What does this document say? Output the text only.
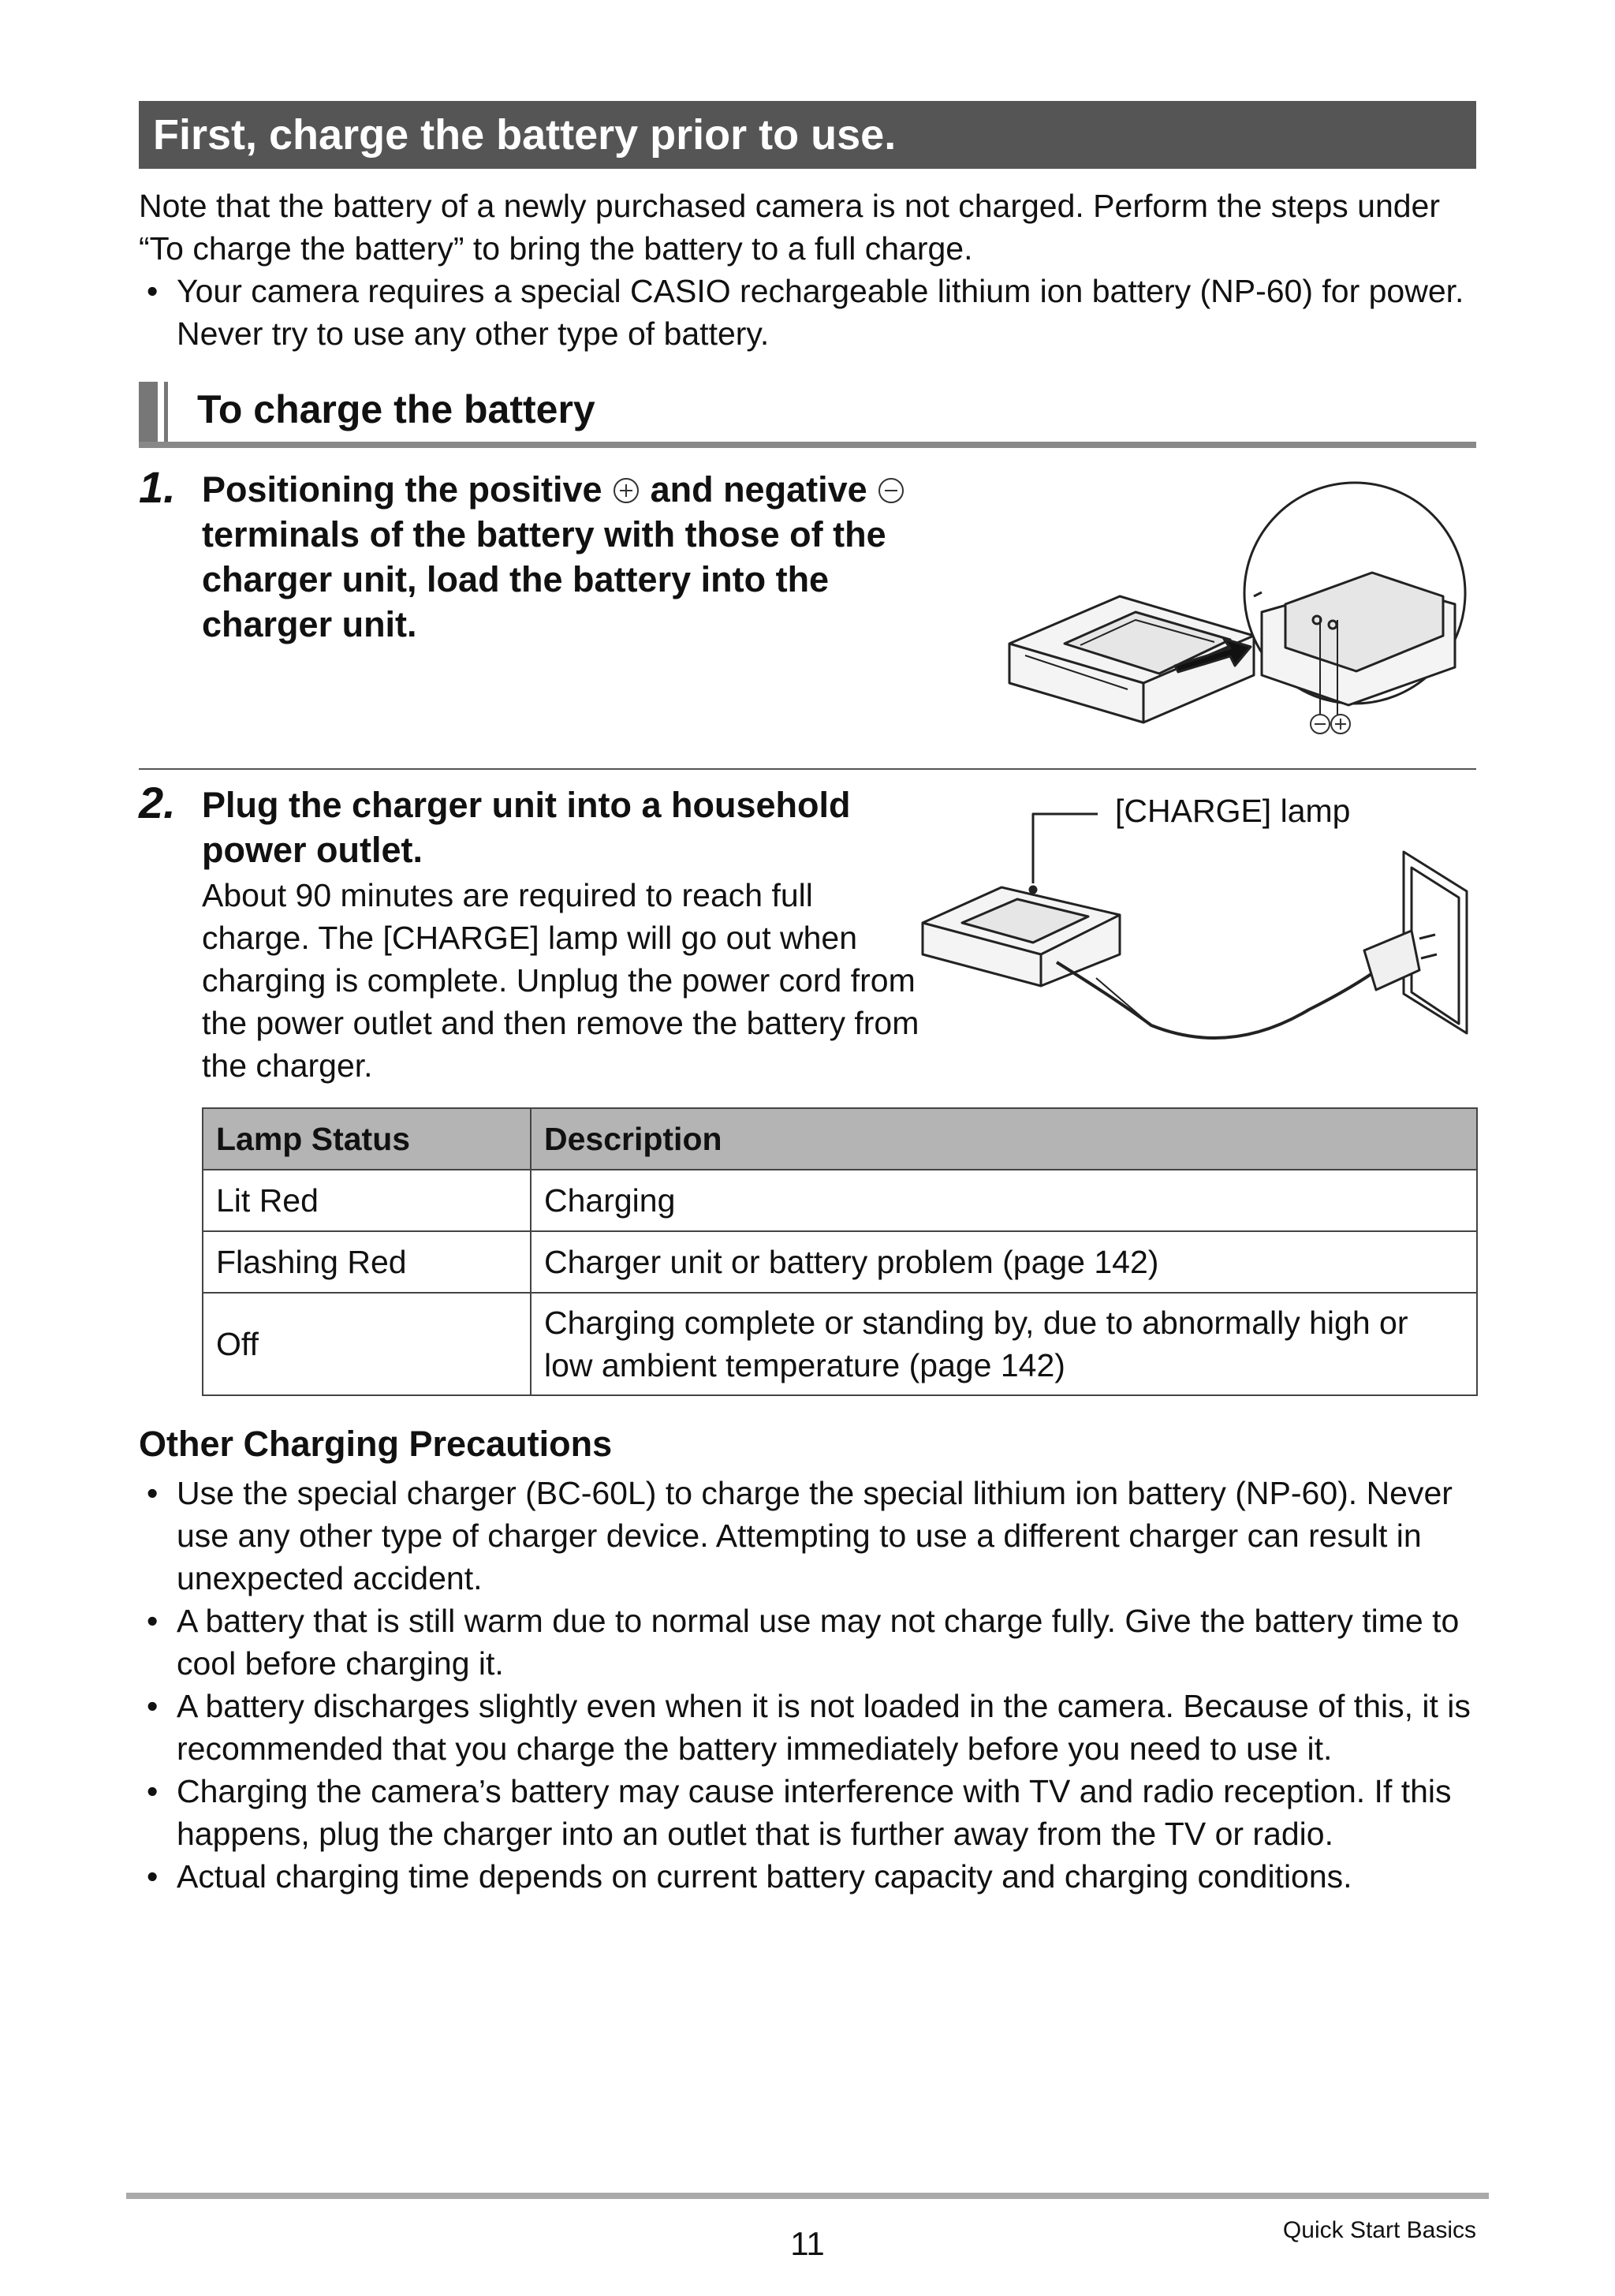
First, charge the battery prior to use.
Note that the battery of a newly purchased camera is not charged. Perform the steps under “To charge the battery” to bring the battery to a full charge.
• Your camera requires a special CASIO rechargeable lithium ion battery (NP-60) for power. Never try to use any other type of battery.
To charge the battery
1. Positioning the positive and negative
terminals of the battery with those of the charger unit, load the battery into the charger unit.
2. Plug the charger unit into a household power outlet.
About 90 minutes are required to reach full charge. The [CHARGE] lamp will go out when charging is complete. Unplug the power cord from the power outlet and then remove the battery from the charger.
[CHARGE] lamp
Lamp Status	Description
Lit Red	Charging
Flashing Red	Charger unit or battery problem (page 142)
Off	Charging complete or standing by, due to abnormally high or low ambient temperature (page 142)
Other Charging Precautions
• Use the special charger (BC-60L) to charge the special lithium ion battery (NP-60). Never use any other type of charger device. Attempting to use a different charger can result in unexpected accident.
• A battery that is still warm due to normal use may not charge fully. Give the battery time to cool before charging it.
• A battery discharges slightly even when it is not loaded in the camera. Because of this, it is recommended that you charge the battery immediately before you need to use it.
• Charging the camera’s battery may cause interference with TV and radio reception. If this happens, plug the charger into an outlet that is further away from the TV or radio.
• Actual charging time depends on current battery capacity and charging conditions.
11	Quick Start Basics
